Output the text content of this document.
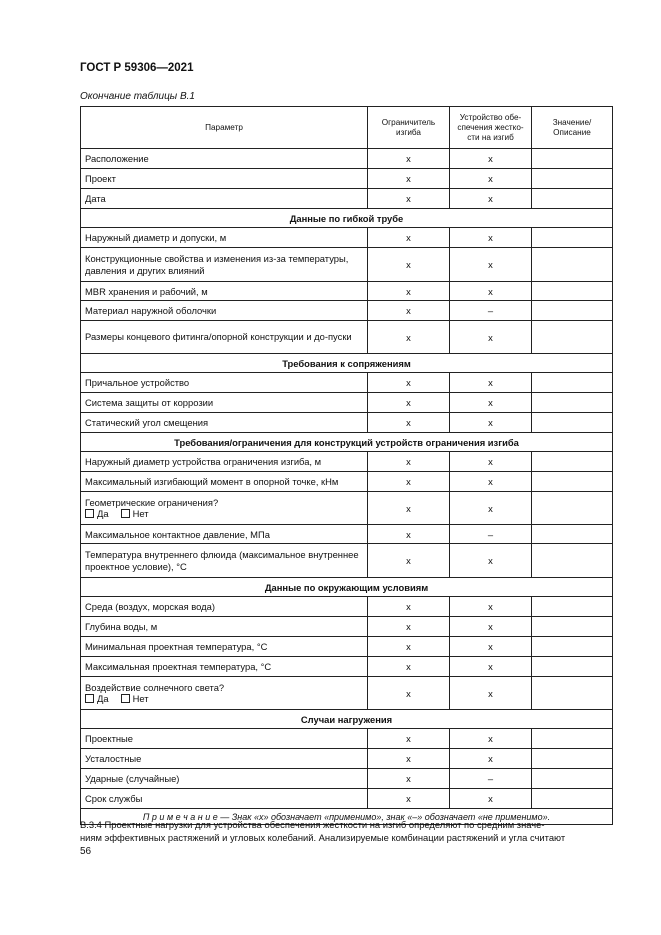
ГОСТ Р 59306—2021
Окончание таблицы В.1
Параметр	Ограничитель изгиба	Устройство обе-спечения жестко-сти на изгиб	Значение/ Описание
Расположение	x	x	
Проект	x	x	
Дата	x	x	
Данные по гибкой трубе			
Наружный диаметр и допуски, м	x	x	
Конструкционные свойства и изменения из-за температуры, давления и других влияний	x	x	
MBR хранения и рабочий, м	x	x	
Материал наружной оболочки	x	–	
Размеры концевого фитинга/опорной конструкции и до-пуски	x	x	
Требования к сопряжениям			
Причальное устройство	x	x	
Система защиты от коррозии	x	x	
Статический угол смещения	x	x	
Требования/ограничения для конструкций устройств ограничения изгиба			
Наружный диаметр устройства ограничения изгиба, м	x	x	
Максимальный изгибающий момент в опорной точке, кНм	x	x	

Геометрические ограничения?
Да Нет	x	x	
Максимальное контактное давление, МПа	x	–	
Температура внутреннего флюида (максимальное внутреннее проектное условие), °С	x	x	
Данные по окружающим условиям			
Среда (воздух, морская вода)	x	x	
Глубина воды, м	x	x	
Минимальная проектная температура, °С	x	x	
Максимальная проектная температура, °С	x	x	

Воздействие солнечного света?
Да Нет	x	x	
Случаи нагружения			
Проектные	x	x	
Усталостные	x	x	
Ударные (случайные)	x	–	
Срок службы	x	x	
П р и м е ч а н и е — Знак «x» обозначает «применимо», знак «–» обозначает «не применимо».			
В.3.4 Проектные нагрузки для устройства обеспечения жесткости на изгиб определяют по средним значе-
ниям эффективных растяжений и угловых колебаний. Анализируемые комбинации растяжений и угла считают
56
